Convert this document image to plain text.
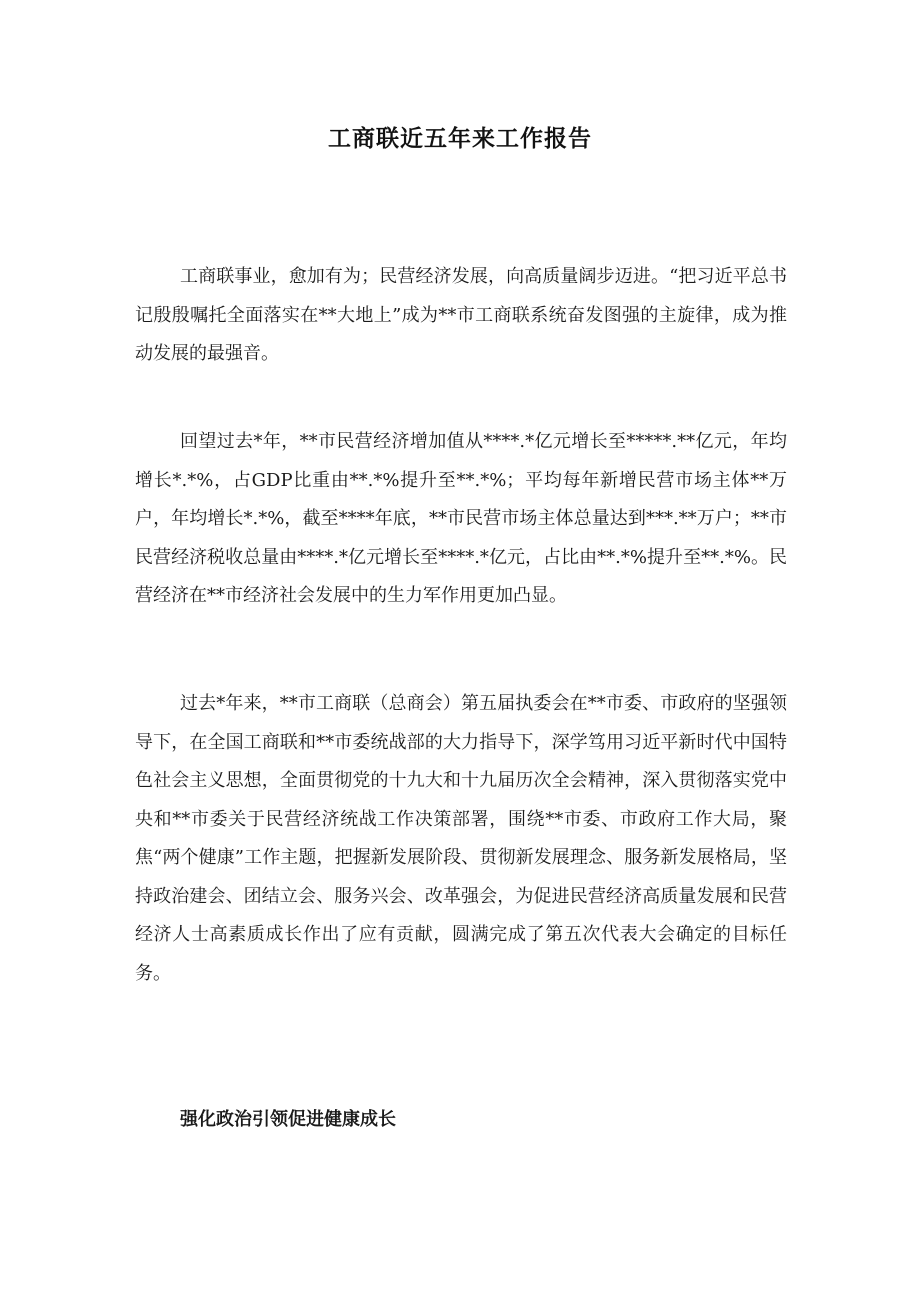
工商联近五年来工作报告

工商联事业，愈加有为；民营经济发展，向高质量阔步迈进。“把习近平总书记殷殷嘱托全面落实在**大地上”成为**市工商联系统奋发图强的主旋律，成为推动发展的最强音。

回望过去*年，**市民营经济增加值从****.*亿元增长至*****.**亿元，年均增长*.*%，占GDP比重由**.*%提升至**.*%；平均每年新增民营市场主体**万户，年均增长*.*%，截至****年底，**市民营市场主体总量达到***.**万户；**市民营经济税收总量由****.*亿元增长至****.*亿元，占比由**.*%提升至**.*%。民营经济在**市经济社会发展中的生力军作用更加凸显。

过去*年来，**市工商联（总商会）第五届执委会在**市委、市政府的坚强领导下，在全国工商联和**市委统战部的大力指导下，深学笃用习近平新时代中国特色社会主义思想，全面贯彻党的十九大和十九届历次全会精神，深入贯彻落实党中央和**市委关于民营经济统战工作决策部署，围绕**市委、市政府工作大局，聚焦“两个健康”工作主题，把握新发展阶段、贯彻新发展理念、服务新发展格局，坚持政治建会、团结立会、服务兴会、改革强会，为促进民营经济高质量发展和民营经济人士高素质成长作出了应有贡献，圆满完成了第五次代表大会确定的目标任务。

强化政治引领促进健康成长
